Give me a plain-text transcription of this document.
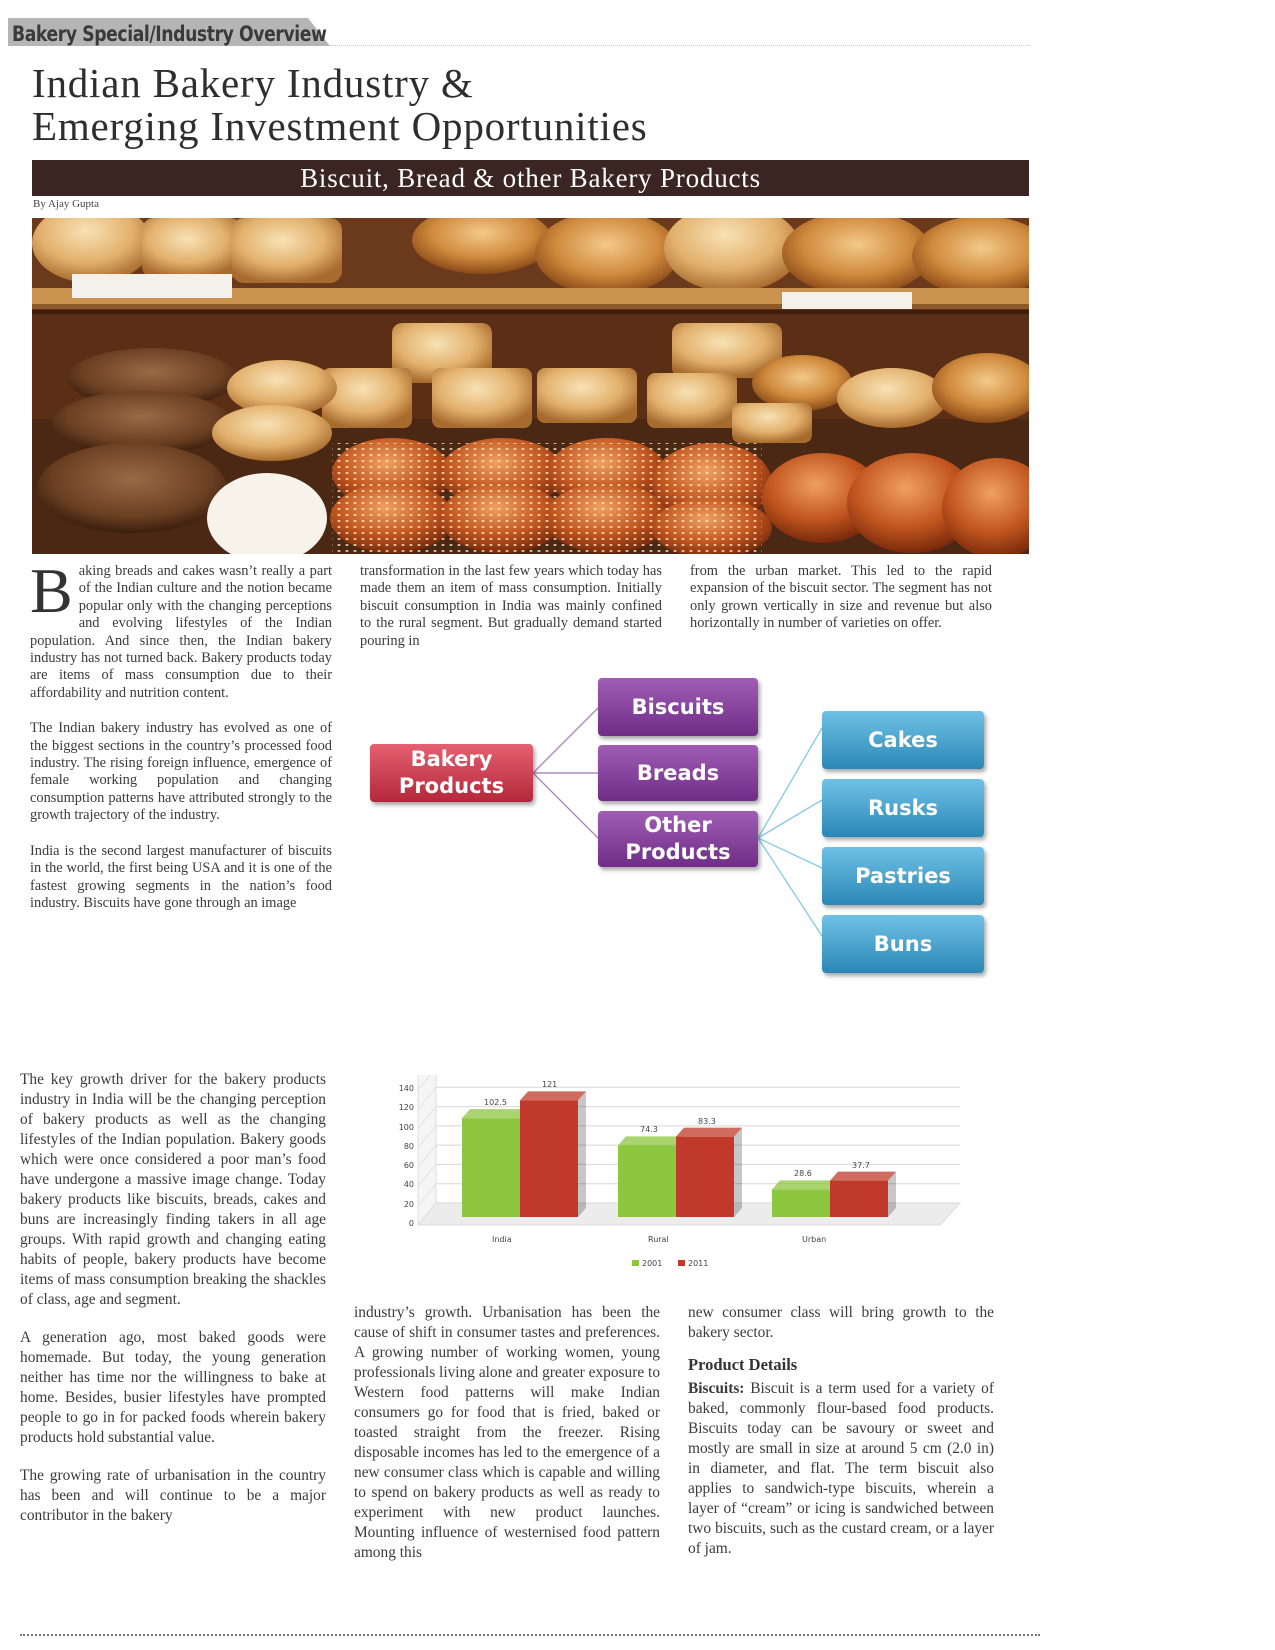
Bakery Special/Industry Overview
Indian Bakery Industry &
Emerging Investment Opportunities
Biscuit, Bread & other Bakery Products
By Ajay Gupta

Baking breads and cakes wasn’t really a part of the Indian culture and the notion became popular only with the changing perceptions and evolving lifestyles of the Indian population. And since then, the Indian bakery industry has not turned back. Bakery products today are items of mass consumption due to their affordability and nutrition content.

The Indian bakery industry has evolved as one of the biggest sections in the country’s processed food industry. The rising foreign influence, emergence of female working population and changing consumption patterns have attributed strongly to the growth trajectory of the industry.

India is the second largest manufacturer of biscuits in the world, the first being USA and it is one of the fastest growing segments in the nation’s food industry. Biscuits have gone through an image

transformation in the last few years which today has made them an item of mass consumption. Initially biscuit consumption in India was mainly confined to the rural segment. But gradually demand started pouring in
from the urban market. This led to the rapid expansion of the biscuit sector. The segment has not only grown vertically in size and revenue but also horizontally in number of varieties on offer.
Bakery
Products
Biscuits
Breads
Other
Products
Cakes
Rusks
Pastries
Buns
0
20
40
60
80
100
120
140
102.5
121
India
74.3
83.3
Rural
28.6
37.7
Urban
2001	2011

The key growth driver for the bakery products industry in India will be the changing perception of bakery products as well as the changing lifestyles of the Indian population. Bakery goods which were once considered a poor man’s food have undergone a massive image change. Today bakery products like biscuits, breads, cakes and buns are increasingly finding takers in all age groups. With rapid growth and changing eating habits of people, bakery products have become items of mass consumption breaking the shackles of class, age and segment.

A generation ago, most baked goods were homemade. But today, the young generation neither has time nor the willingness to bake at home. Besides, busier lifestyles have prompted people to go in for packed foods wherein bakery products hold substantial value.

The growing rate of urbanisation in the country has been and will continue to be a major contributor in the bakery

industry’s growth. Urbanisation has been the cause of shift in consumer tastes and preferences. A growing number of working women, young professionals living alone and greater exposure to Western food patterns will make Indian consumers go for food that is fried, baked or toasted straight from the freezer. Rising disposable incomes has led to the emergence of a new consumer class which is capable and willing to spend on bakery products as well as ready to experiment with new product launches. Mounting influence of westernised food pattern among this

new consumer class will bring growth to the bakery sector.

Product Details

Biscuits: Biscuit is a term used for a variety of baked, commonly flour-based food products. Biscuits today can be savoury or sweet and mostly are small in size at around 5 cm (2.0 in) in diameter, and flat. The term biscuit also applies to sandwich-type biscuits, wherein a layer of “cream” or icing is sandwiched between two biscuits, such as the custard cream, or a layer of jam.
